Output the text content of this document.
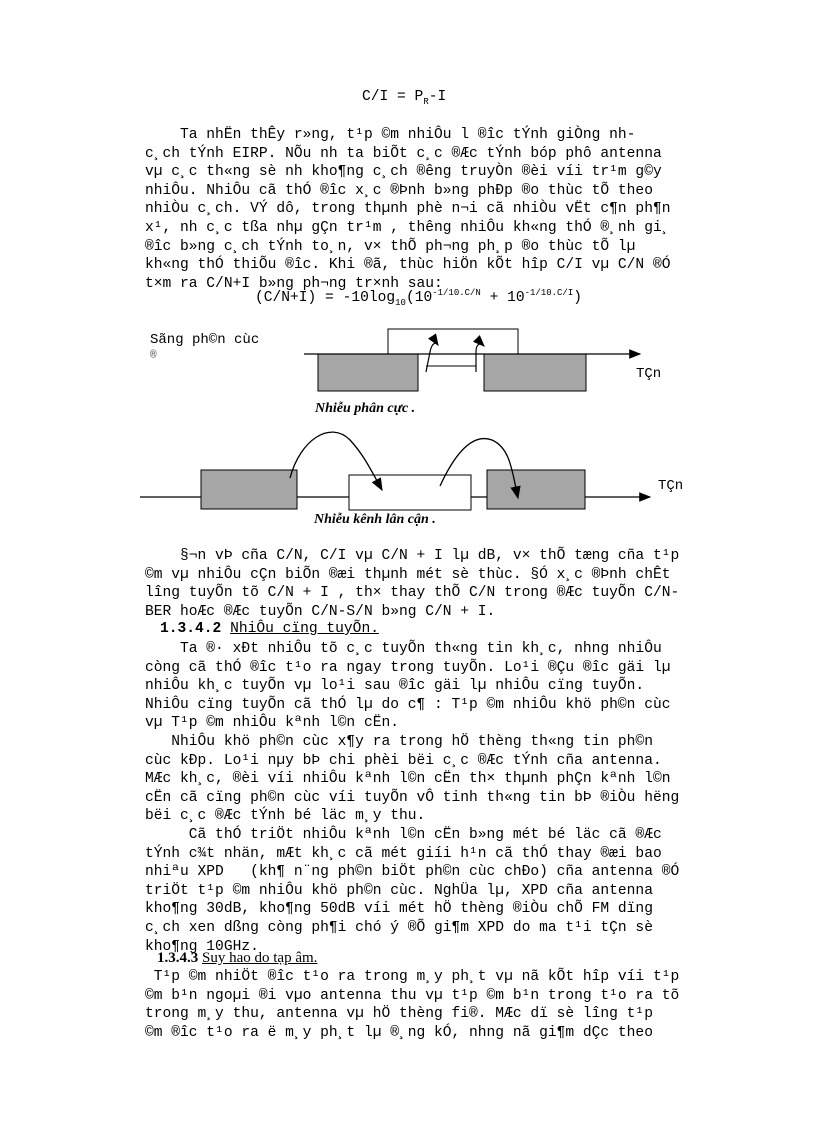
$C/I = P_R-I$
Ta nhËn thÊy r»ng, t¹p ©m nhiÔu l ®îc tÝnh giÒng nh-
c¸ch tÝnh EIRP. NÕu nh ta biÕt c¸c ®Æc tÝnh bóp phô antenna
vµ c¸c th«ng sè nh kho¶ng c¸ch ®êng truyÒn ®èi víi tr¹m g©y
nhiÔu. NhiÔu cã thÓ ®îc x¸c ®Þnh b»ng phÐp ®o thùc tÕ theo
nhiÒu c¸ch. VÝ dô, trong thµnh phè n¬i cã nhiÒu vËt c¶n ph¶n
x¹, nh c¸c tßa nhµ gÇn tr¹m , thêng nhiÔu kh«ng thÓ ®¸nh gi¸
®îc b»ng c¸ch tÝnh to¸n, v× thÕ ph¬ng ph¸p ®o thùc tÕ lµ
kh«ng thÓ thiÕu ®îc. Khi ®ã, thùc hiÖn kÕt hîp C/I vµ C/N ®Ó
t×m ra C/N+I b»ng ph¬ng tr×nh sau:
$(C/N+I) = -10\log_{10}(10^{-1/10.C/N} + 10^{-1/10.C/I})$
Sãng ph©n cùc
®
TÇn
Nhiễu phân cực .
TÇn
Nhiễu kênh lân cận .
§¬n vÞ cña C/N, C/I vµ C/N + I lµ dB, v× thÕ tæng cña t¹p
©m vµ nhiÔu cÇn biÕn ®æi thµnh mét sè thùc. §Ó x¸c ®Þnh chÊt
lîng tuyÕn tõ C/N + I , th× thay thÕ C/N trong ®Æc tuyÕn C/N-
BER hoÆc ®Æc tuyÕn C/N-S/N b»ng C/N + I.
1.3.4.2 NhiÔu cïng tuyÕn.
Ta ®· xÐt nhiÔu tõ c¸c tuyÕn th«ng tin kh¸c, nhng nhiÔu
còng cã thÓ ®îc t¹o ra ngay trong tuyÕn. Lo¹i ®Çu ®îc gäi lµ
nhiÔu kh¸c tuyÕn vµ lo¹i sau ®îc gäi lµ nhiÔu cïng tuyÕn.
NhiÔu cïng tuyÕn cã thÓ lµ do c¶ : T¹p ©m nhiÔu khö ph©n cùc
vµ T¹p ©m nhiÔu kªnh l©n cËn.
NhiÔu khö ph©n cùc x¶y ra trong hÖ thèng th«ng tin ph©n
cùc kÐp. Lo¹i nµy bÞ chi phèi bëi c¸c ®Æc tÝnh cña antenna.
MÆc kh¸c, ®èi víi nhiÔu kªnh l©n cËn th× thµnh phÇn kªnh l©n
cËn cã cïng ph©n cùc víi tuyÕn vÔ tinh th«ng tin bÞ ®iÒu hëng
bëi c¸c ®Æc tÝnh bé läc m¸y thu.
Cã thÓ triÖt nhiÔu kªnh l©n cËn b»ng mét bé läc cã ®Æc
tÝnh c¾t nhän, mÆt kh¸c cã mét giíi h¹n cã thÓ thay ®æi bao
nhiªu XPD   (kh¶ n¨ng ph©n biÖt ph©n cùc chÐo) cña antenna ®Ó
triÖt t¹p ©m nhiÔu khö ph©n cùc. NghÜa lµ, XPD cña antenna
kho¶ng 30dB, kho¶ng 50dB víi mét hÖ thèng ®iÒu chÕ FM dïng
c¸ch xen dßng còng ph¶i chó ý ®Õ gi¶m XPD do ma t¹i tÇn sè
kho¶ng 10GHz.
1.3.4.3 Suy hao do tạp âm.
T¹p ©m nhiÖt ®îc t¹o ra trong m¸y ph¸t vµ nã kÕt hîp víi t¹p
©m b¹n ngoµi ®i vµo antenna thu vµ t¹p ©m b¹n trong t¹o ra tõ
trong m¸y thu, antenna vµ hÖ thèng fi®. MÆc dï sè lîng t¹p
©m ®îc t¹o ra ë m¸y ph¸t lµ ®¸ng kÓ, nhng nã gi¶m dÇc theo
